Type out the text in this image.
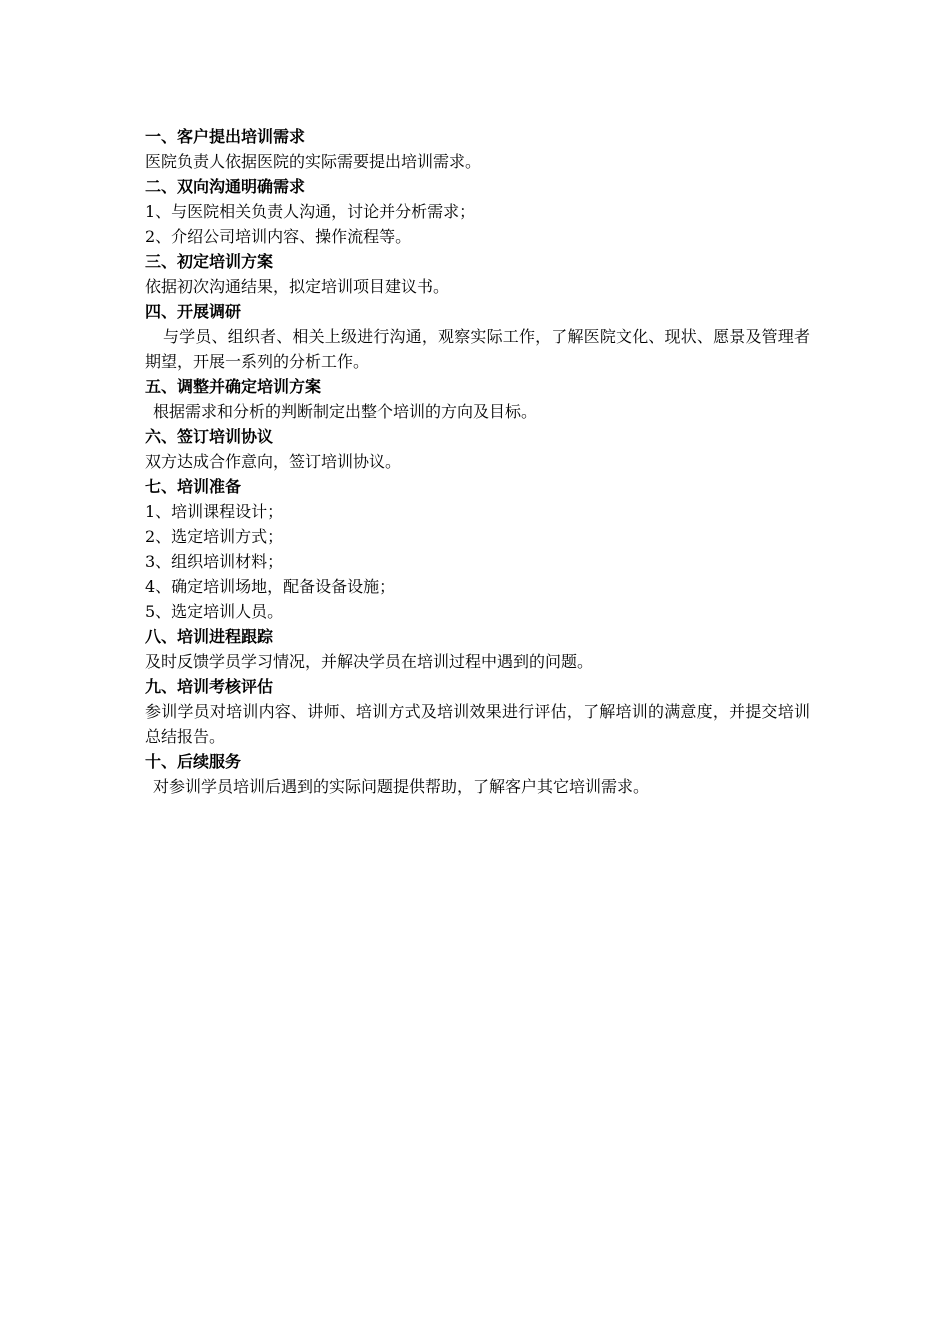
一、客户提出培训需求

医院负责人依据医院的实际需要提出培训需求。

二、双向沟通明确需求

1、与医院相关负责人沟通，讨论并分析需求；

2、介绍公司培训内容、操作流程等。

三、初定培训方案

依据初次沟通结果，拟定培训项目建议书。

四、开展调研

与学员、组织者、相关上级进行沟通，观察实际工作，了解医院文化、现状、愿景及管理者期望，开展一系列的分析工作。

五、调整并确定培训方案

根据需求和分析的判断制定出整个培训的方向及目标。

六、签订培训协议

双方达成合作意向，签订培训协议。

七、培训准备

1、培训课程设计；

2、选定培训方式；

3、组织培训材料；

4、确定培训场地，配备设备设施；

5、选定培训人员。

八、培训进程跟踪

及时反馈学员学习情况，并解决学员在培训过程中遇到的问题。

九、培训考核评估

参训学员对培训内容、讲师、培训方式及培训效果进行评估，了解培训的满意度，并提交培训总结报告。

十、后续服务

对参训学员培训后遇到的实际问题提供帮助，了解客户其它培训需求。
